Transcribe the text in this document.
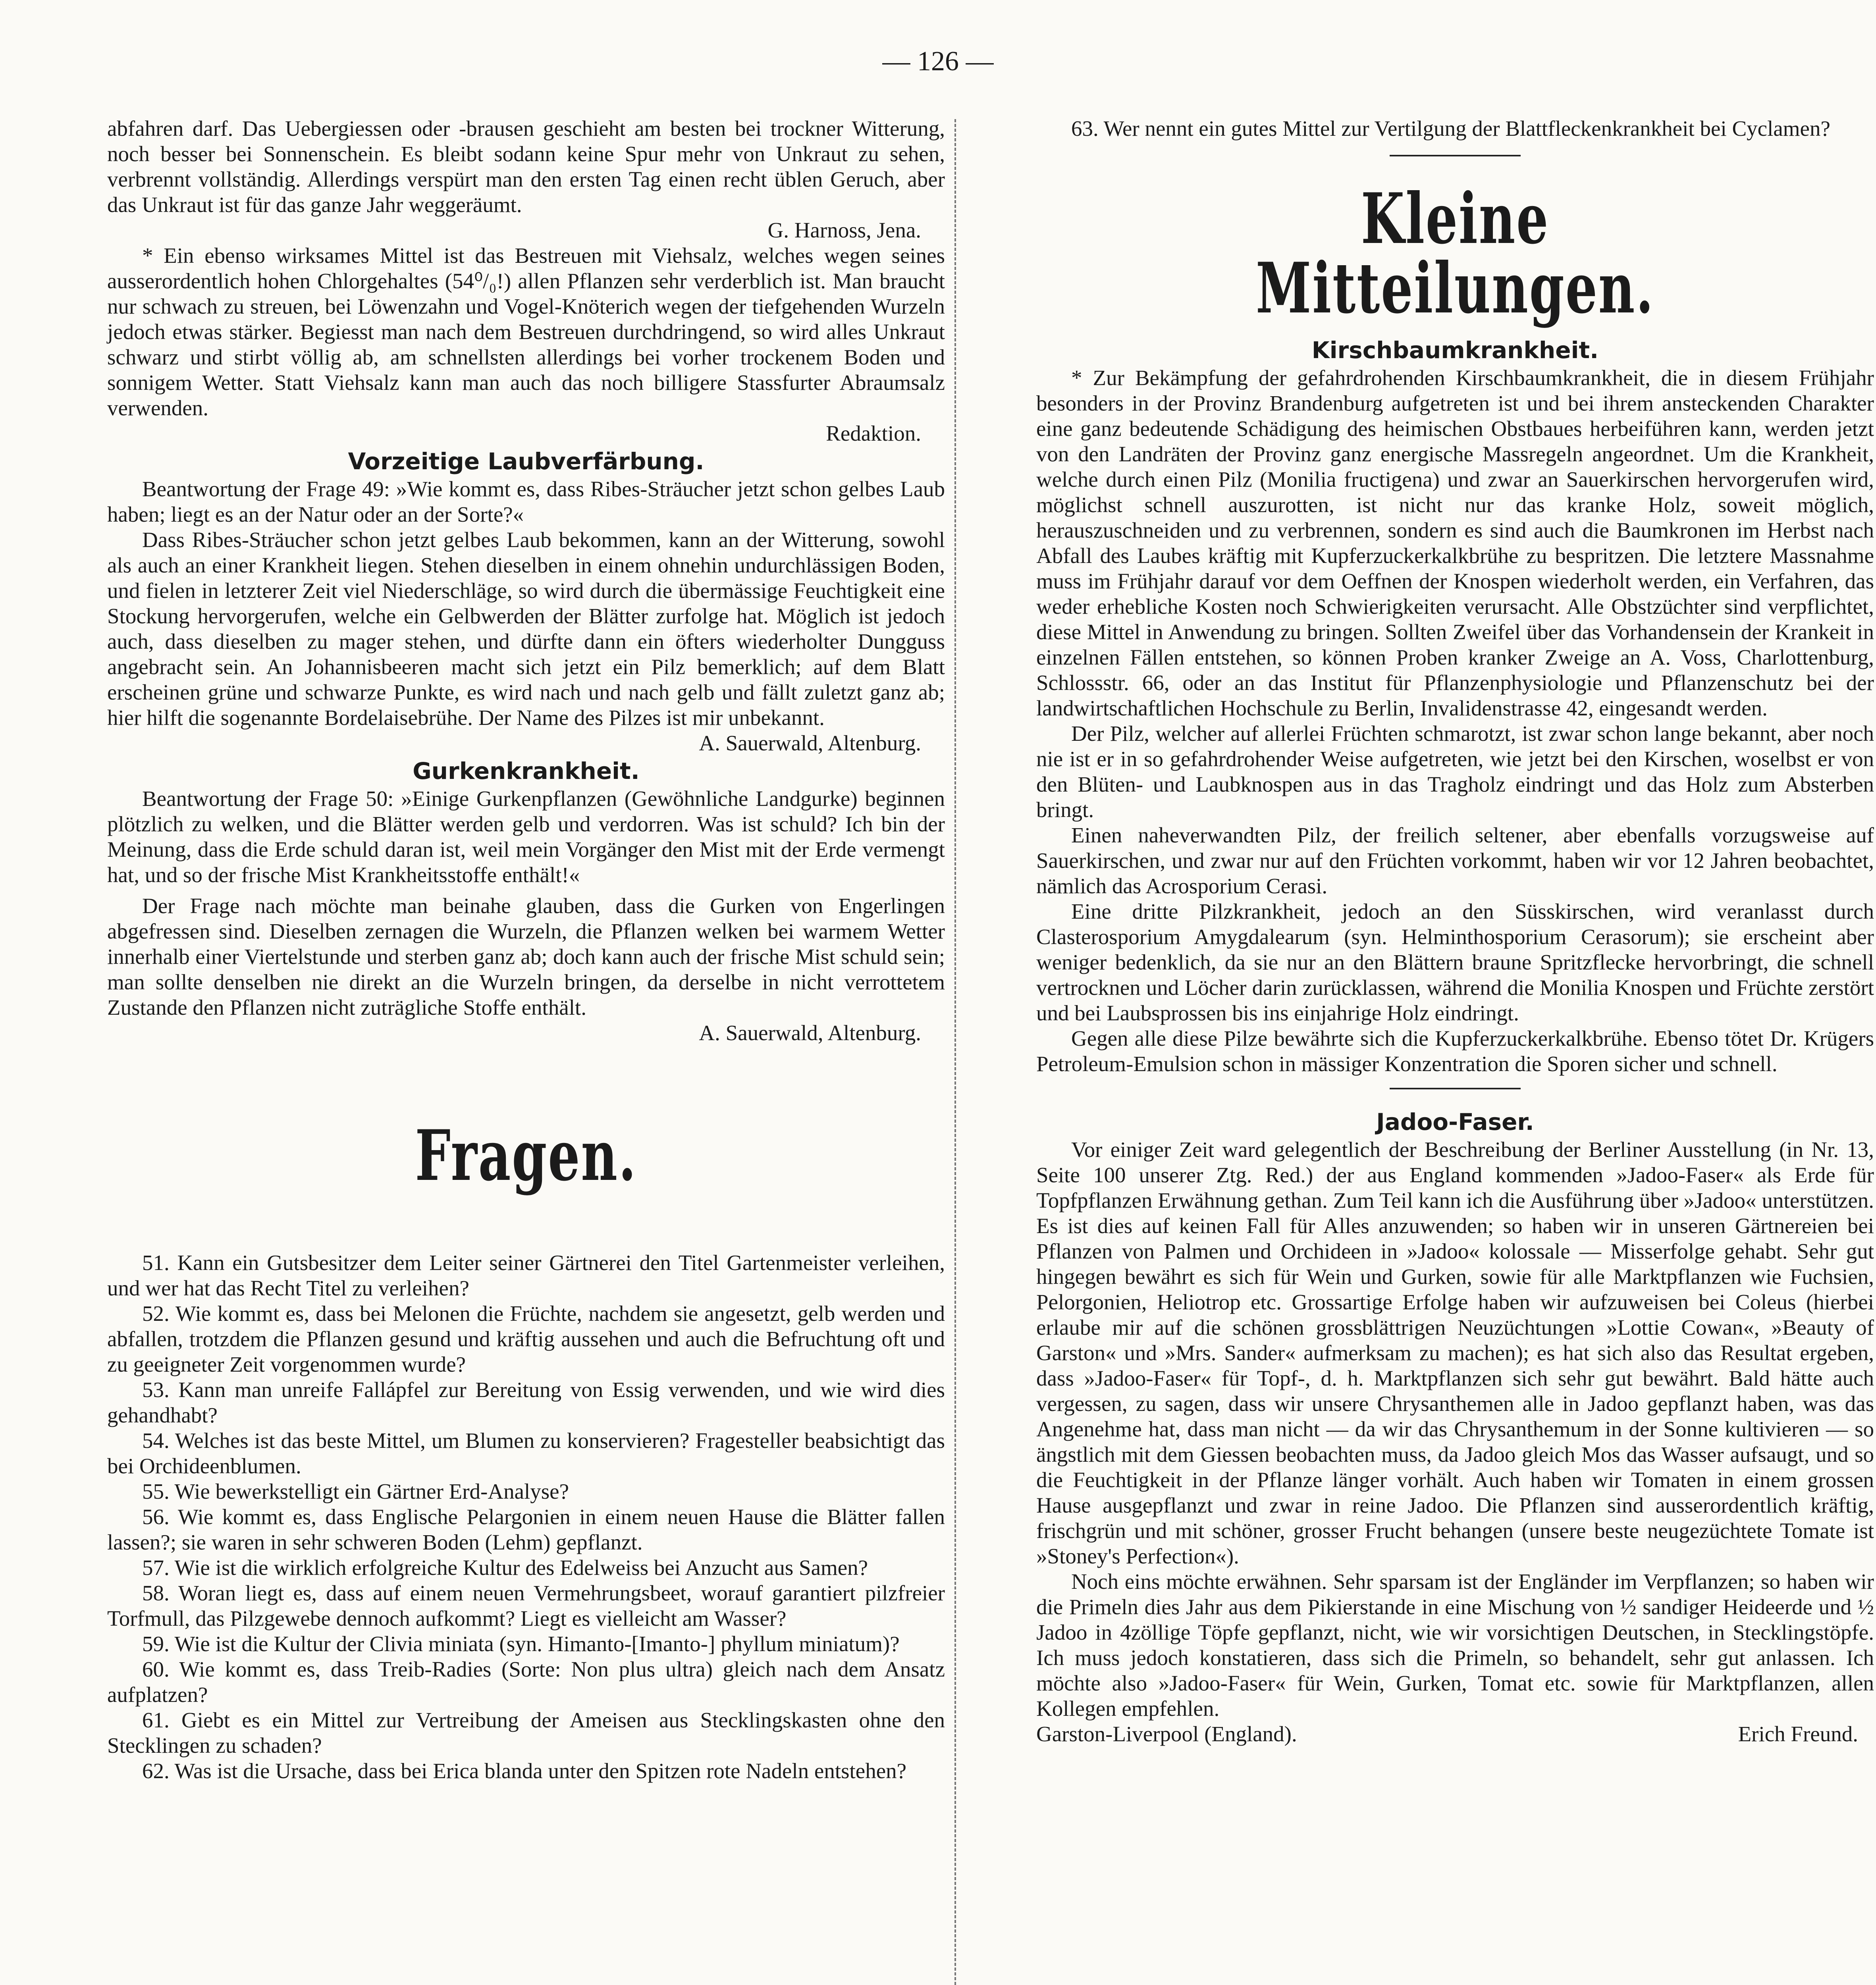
— 126 —

abfahren darf. Das Uebergiessen oder -brausen geschieht am besten bei trockner Witterung, noch besser bei Sonnenschein. Es bleibt sodann keine Spur mehr von Unkraut zu sehen, verbrennt vollständig. Allerdings verspürt man den ersten Tag einen recht üblen Geruch, aber das Unkraut ist für das ganze Jahr weggeräumt.

G. Harnoss, Jena.

* Ein ebenso wirksames Mittel ist das Bestreuen mit Viehsalz, welches wegen seines ausserordentlich hohen Chlorgehaltes (54⁰/₀!) allen Pflanzen sehr verderblich ist. Man braucht nur schwach zu streuen, bei Löwenzahn und Vogel-Knöterich wegen der tiefgehenden Wurzeln jedoch etwas stärker. Begiesst man nach dem Bestreuen durchdringend, so wird alles Unkraut schwarz und stirbt völlig ab, am schnellsten allerdings bei vorher trockenem Boden und sonnigem Wetter. Statt Viehsalz kann man auch das noch billigere Stassfurter Abraumsalz verwenden.

Redaktion.

Vorzeitige Laubverfärbung.

Beantwortung der Frage 49: »Wie kommt es, dass Ribes-Sträucher jetzt schon gelbes Laub haben; liegt es an der Natur oder an der Sorte?«

Dass Ribes-Sträucher schon jetzt gelbes Laub bekommen, kann an der Witterung, sowohl als auch an einer Krankheit liegen. Stehen dieselben in einem ohnehin undurchlässigen Boden, und fielen in letzterer Zeit viel Niederschläge, so wird durch die übermässige Feuchtigkeit eine Stockung hervorgerufen, welche ein Gelbwerden der Blätter zurfolge hat. Möglich ist jedoch auch, dass dieselben zu mager stehen, und dürfte dann ein öfters wiederholter Dungguss angebracht sein. An Johannisbeeren macht sich jetzt ein Pilz bemerklich; auf dem Blatt erscheinen grüne und schwarze Punkte, es wird nach und nach gelb und fällt zuletzt ganz ab; hier hilft die sogenannte Bordelaisebrühe. Der Name des Pilzes ist mir unbekannt.

A. Sauerwald, Altenburg.

Gurkenkrankheit.

Beantwortung der Frage 50: »Einige Gurkenpflanzen (Gewöhnliche Landgurke) beginnen plötzlich zu welken, und die Blätter werden gelb und verdorren. Was ist schuld? Ich bin der Meinung, dass die Erde schuld daran ist, weil mein Vorgänger den Mist mit der Erde vermengt hat, und so der frische Mist Krankheitsstoffe enthält!«

Der Frage nach möchte man beinahe glauben, dass die Gurken von Engerlingen abgefressen sind. Dieselben zernagen die Wurzeln, die Pflanzen welken bei warmem Wetter innerhalb einer Viertelstunde und sterben ganz ab; doch kann auch der frische Mist schuld sein; man sollte denselben nie direkt an die Wurzeln bringen, da derselbe in nicht verrottetem Zustande den Pflanzen nicht zuträgliche Stoffe enthält.

A. Sauerwald, Altenburg.

Fragen.

51. Kann ein Gutsbesitzer dem Leiter seiner Gärtnerei den Titel Gartenmeister verleihen, und wer hat das Recht Titel zu verleihen?

52. Wie kommt es, dass bei Melonen die Früchte, nachdem sie angesetzt, gelb werden und abfallen, trotzdem die Pflanzen gesund und kräftig aussehen und auch die Befruchtung oft und zu geeigneter Zeit vorgenommen wurde?

53. Kann man unreife Fallápfel zur Bereitung von Essig verwenden, und wie wird dies gehandhabt?

54. Welches ist das beste Mittel, um Blumen zu konservieren? Fragesteller beabsichtigt das bei Orchideenblumen.

55. Wie bewerkstelligt ein Gärtner Erd-Analyse?

56. Wie kommt es, dass Englische Pelargonien in einem neuen Hause die Blätter fallen lassen?; sie waren in sehr schweren Boden (Lehm) gepflanzt.

57. Wie ist die wirklich erfolgreiche Kultur des Edelweiss bei Anzucht aus Samen?

58. Woran liegt es, dass auf einem neuen Vermehrungsbeet, worauf garantiert pilzfreier Torfmull, das Pilzgewebe dennoch aufkommt? Liegt es vielleicht am Wasser?

59. Wie ist die Kultur der Clivia miniata (syn. Himanto-[Imanto-] phyllum miniatum)?

60. Wie kommt es, dass Treib-Radies (Sorte: Non plus ultra) gleich nach dem Ansatz aufplatzen?

61. Giebt es ein Mittel zur Vertreibung der Ameisen aus Stecklingskasten ohne den Stecklingen zu schaden?

62. Was ist die Ursache, dass bei Erica blanda unter den Spitzen rote Nadeln entstehen?

63. Wer nennt ein gutes Mittel zur Vertilgung der Blattfleckenkrankheit bei Cyclamen?

Kleine Mitteilungen.
Kirschbaumkrankheit.

* Zur Bekämpfung der gefahrdrohenden Kirschbaumkrankheit, die in diesem Frühjahr besonders in der Provinz Brandenburg aufgetreten ist und bei ihrem ansteckenden Charakter eine ganz bedeutende Schädigung des heimischen Obstbaues herbeiführen kann, werden jetzt von den Landräten der Provinz ganz energische Massregeln angeordnet. Um die Krankheit, welche durch einen Pilz (Monilia fructigena) und zwar an Sauerkirschen hervorgerufen wird, möglichst schnell auszurotten, ist nicht nur das kranke Holz, soweit möglich, herauszuschneiden und zu verbrennen, sondern es sind auch die Baumkronen im Herbst nach Abfall des Laubes kräftig mit Kupferzuckerkalkbrühe zu bespritzen. Die letztere Massnahme muss im Frühjahr darauf vor dem Oeffnen der Knospen wiederholt werden, ein Verfahren, das weder erhebliche Kosten noch Schwierigkeiten verursacht. Alle Obstzüchter sind verpflichtet, diese Mittel in Anwendung zu bringen. Sollten Zweifel über das Vorhandensein der Krankeit in einzelnen Fällen entstehen, so können Proben kranker Zweige an A. Voss, Charlottenburg, Schlossstr. 66, oder an das Institut für Pflanzenphysiologie und Pflanzenschutz bei der landwirtschaftlichen Hochschule zu Berlin, Invalidenstrasse 42, eingesandt werden.

Der Pilz, welcher auf allerlei Früchten schmarotzt, ist zwar schon lange bekannt, aber noch nie ist er in so gefahrdrohender Weise aufgetreten, wie jetzt bei den Kirschen, woselbst er von den Blüten- und Laubknospen aus in das Tragholz eindringt und das Holz zum Absterben bringt.

Einen naheverwandten Pilz, der freilich seltener, aber ebenfalls vorzugsweise auf Sauerkirschen, und zwar nur auf den Früchten vorkommt, haben wir vor 12 Jahren beobachtet, nämlich das Acrosporium Cerasi.

Eine dritte Pilzkrankheit, jedoch an den Süsskirschen, wird veranlasst durch Clasterosporium Amygdalearum (syn. Helminthosporium Cerasorum); sie erscheint aber weniger bedenklich, da sie nur an den Blättern braune Spritzflecke hervorbringt, die schnell vertrocknen und Löcher darin zurücklassen, während die Monilia Knospen und Früchte zerstört und bei Laubsprossen bis ins einjahrige Holz eindringt.

Gegen alle diese Pilze bewährte sich die Kupferzuckerkalkbrühe. Ebenso tötet Dr. Krügers Petroleum-Emulsion schon in mässiger Konzentration die Sporen sicher und schnell.

Jadoo-Faser.

Vor einiger Zeit ward gelegentlich der Beschreibung der Berliner Ausstellung (in Nr. 13, Seite 100 unserer Ztg. Red.) der aus England kommenden »Jadoo-Faser« als Erde für Topfpflanzen Erwähnung gethan. Zum Teil kann ich die Ausführung über »Jadoo« unterstützen. Es ist dies auf keinen Fall für Alles anzuwenden; so haben wir in unseren Gärtnereien bei Pflanzen von Palmen und Orchideen in »Jadoo« kolossale — Misserfolge gehabt. Sehr gut hingegen bewährt es sich für Wein und Gurken, sowie für alle Marktpflanzen wie Fuchsien, Pelorgonien, Heliotrop etc. Grossartige Erfolge haben wir aufzuweisen bei Coleus (hierbei erlaube mir auf die schönen grossblättrigen Neuzüchtungen »Lottie Cowan«, »Beauty of Garston« und »Mrs. Sander« aufmerksam zu machen); es hat sich also das Resultat ergeben, dass »Jadoo-Faser« für Topf-, d. h. Marktpflanzen sich sehr gut bewährt. Bald hätte auch vergessen, zu sagen, dass wir unsere Chrysanthemen alle in Jadoo gepflanzt haben, was das Angenehme hat, dass man nicht — da wir das Chrysanthemum in der Sonne kultivieren — so ängstlich mit dem Giessen beobachten muss, da Jadoo gleich Mos das Wasser aufsaugt, und so die Feuchtigkeit in der Pflanze länger vorhält. Auch haben wir Tomaten in einem grossen Hause ausgepflanzt und zwar in reine Jadoo. Die Pflanzen sind ausserordentlich kräftig, frischgrün und mit schöner, grosser Frucht behangen (unsere beste neugezüchtete Tomate ist »Stoney's Perfection«).

Noch eins möchte erwähnen. Sehr sparsam ist der Engländer im Verpflanzen; so haben wir die Primeln dies Jahr aus dem Pikierstande in eine Mischung von ½ sandiger Heideerde und ½ Jadoo in 4zöllige Töpfe gepflanzt, nicht, wie wir vorsichtigen Deutschen, in Stecklingstöpfe. Ich muss jedoch konstatieren, dass sich die Primeln, so behandelt, sehr gut anlassen. Ich möchte also »Jadoo-Faser« für Wein, Gurken, Tomat etc. sowie für Marktpflanzen, allen Kollegen empfehlen.

Garston-Liverpool (England).	Erich Freund.
